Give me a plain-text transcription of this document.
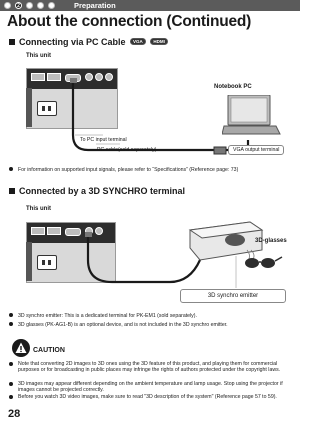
2	Preparation
About the connection (Continued)
Connecting via PC Cable VGA HDMI
This unit
Notebook PC
To PC input terminal
PC cable(sold separately)	VGA output terminal
For information on supported input signals, please refer to “Specifications” (Reference page: 73)
Connected by a 3D SYNCHRO terminal
This unit
3D-glasses
3D synchro emitter
3D synchro emitter: This is a dedicated terminal for PK-EM1 (sold separately).
3D glasses (PK-AG1-B) is an optional device, and is not included in the 3D synchro emitter.
CAUTION
Note that converting 2D images to 3D ones using the 3D feature of this product, and playing them for commercial purposes or for broadcasting in public places may infringe the rights of authors protected under the copyright laws.
3D images may appear different depending on the ambient temperature and lamp usage. Stop using the projector if images cannot be projected correctly.
Before you watch 3D video images, make sure to read "3D description of the system" (Reference page 57 to 59).
28
